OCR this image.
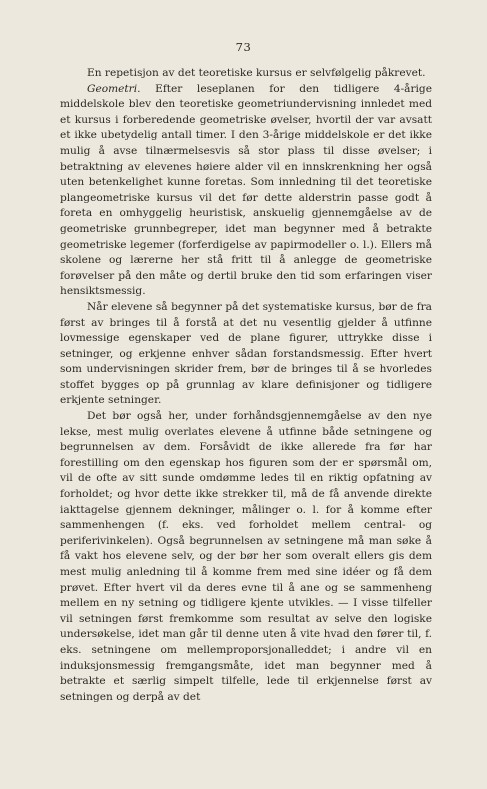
73

En repetisjon av det teoretiske kursus er selvfølgelig påkrevet.

Geometri. Efter leseplanen for den tidligere 4-årige middelskole blev den teoretiske geometriundervisning innledet med et kursus i forberedende geometriske øvelser, hvortil der var avsatt et ikke ubetydelig antall timer. I den 3-årige middelskole er det ikke mulig å avse tilnærmelsesvis så stor plass til disse øvelser; i betraktning av elevenes høiere alder vil en innskrenkning her også uten betenkelighet kunne foretas. Som innledning til det teoretiske plangeometriske kursus vil det før dette alderstrin passe godt å foreta en omhyggelig heuristisk, anskuelig gjennemgåelse av de geometriske grunnbegreper, idet man begynner med å betrakte geometriske legemer (forferdigelse av papirmodeller o. l.). Ellers må skolene og lærerne her stå fritt til å anlegge de geometriske forøvelser på den måte og dertil bruke den tid som erfaringen viser hensiktsmessig.

Når elevene så begynner på det systematiske kursus, bør de fra først av bringes til å forstå at det nu vesentlig gjelder å utfinne lovmessige egenskaper ved de plane figurer, uttrykke disse i setninger, og erkjenne enhver sådan forstandsmessig. Efter hvert som undervisningen skrider frem, bør de bringes til å se hvorledes stoffet bygges op på grunnlag av klare definisjoner og tidligere erkjente setninger.

Det bør også her, under forhåndsgjennemgåelse av den nye lekse, mest mulig overlates elevene å utfinne både setningene og begrunnelsen av dem. Forsåvidt de ikke allerede fra før har forestilling om den egenskap hos figuren som der er spørsmål om, vil de ofte av sitt sunde omdømme ledes til en riktig opfatning av forholdet; og hvor dette ikke strekker til, må de få anvende direkte iakttagelse gjennem dekninger, målinger o. l. for å komme efter sammenhengen (f. eks. ved forholdet mellem central- og periferivinkelen). Også begrunnelsen av setningene må man søke å få vakt hos elevene selv, og der bør her som overalt ellers gis dem mest mulig anledning til å komme frem med sine idéer og få dem prøvet. Efter hvert vil da deres evne til å ane og se sammenheng mellem en ny setning og tidligere kjente utvikles. — I visse tilfeller vil setningen først fremkomme som resultat av selve den logiske undersøkelse, idet man går til denne uten å vite hvad den fører til, f. eks. setningene om mellemproporsjonalleddet; i andre vil en induksjonsmessig fremgangsmåte, idet man begynner med å betrakte et særlig simpelt tilfelle, lede til erkjennelse først av setningen og derpå av det
